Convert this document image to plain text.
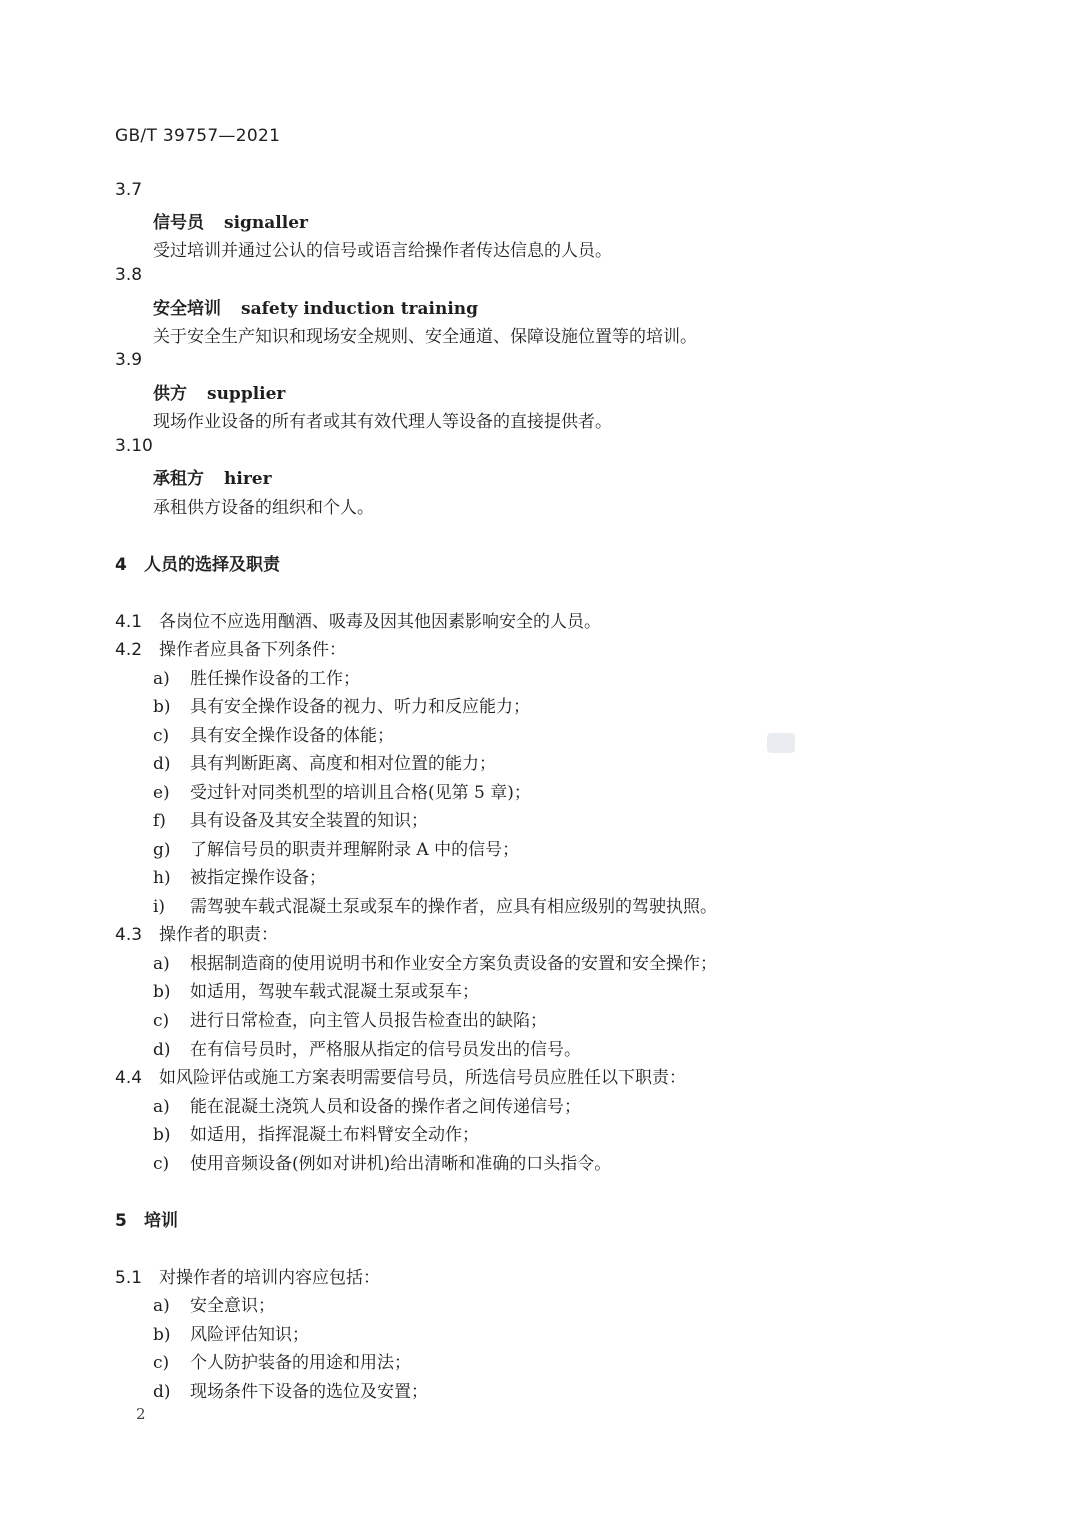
GB/T 39757—2021
3.7
信号员 signaller
受过培训并通过公认的信号或语言给操作者传达信息的人员。
3.8
安全培训 safety induction training
关于安全生产知识和现场安全规则、安全通道、保障设施位置等的培训。
3.9
供方 supplier
现场作业设备的所有者或其有效代理人等设备的直接提供者。
3.10
承租方 hirer
承租供方设备的组织和个人。
4 人员的选择及职责
4.1 各岗位不应选用酗酒、吸毒及因其他因素影响安全的人员。
4.2 操作者应具备下列条件：
a) 胜任操作设备的工作；
b) 具有安全操作设备的视力、听力和反应能力；
c) 具有安全操作设备的体能；
d) 具有判断距离、高度和相对位置的能力；
e) 受过针对同类机型的培训且合格(见第 5 章)；
f) 具有设备及其安全装置的知识；
g) 了解信号员的职责并理解附录 A 中的信号；
h) 被指定操作设备；
i) 需驾驶车载式混凝土泵或泵车的操作者，应具有相应级别的驾驶执照。
4.3 操作者的职责：
a) 根据制造商的使用说明书和作业安全方案负责设备的安置和安全操作；
b) 如适用，驾驶车载式混凝土泵或泵车；
c) 进行日常检查，向主管人员报告检查出的缺陷；
d) 在有信号员时，严格服从指定的信号员发出的信号。
4.4 如风险评估或施工方案表明需要信号员，所选信号员应胜任以下职责：
a) 能在混凝土浇筑人员和设备的操作者之间传递信号；
b) 如适用，指挥混凝土布料臂安全动作；
c) 使用音频设备(例如对讲机)给出清晰和准确的口头指令。
5 培训
5.1 对操作者的培训内容应包括：
a) 安全意识；
b) 风险评估知识；
c) 个人防护装备的用途和用法；
d) 现场条件下设备的选位及安置；
2
